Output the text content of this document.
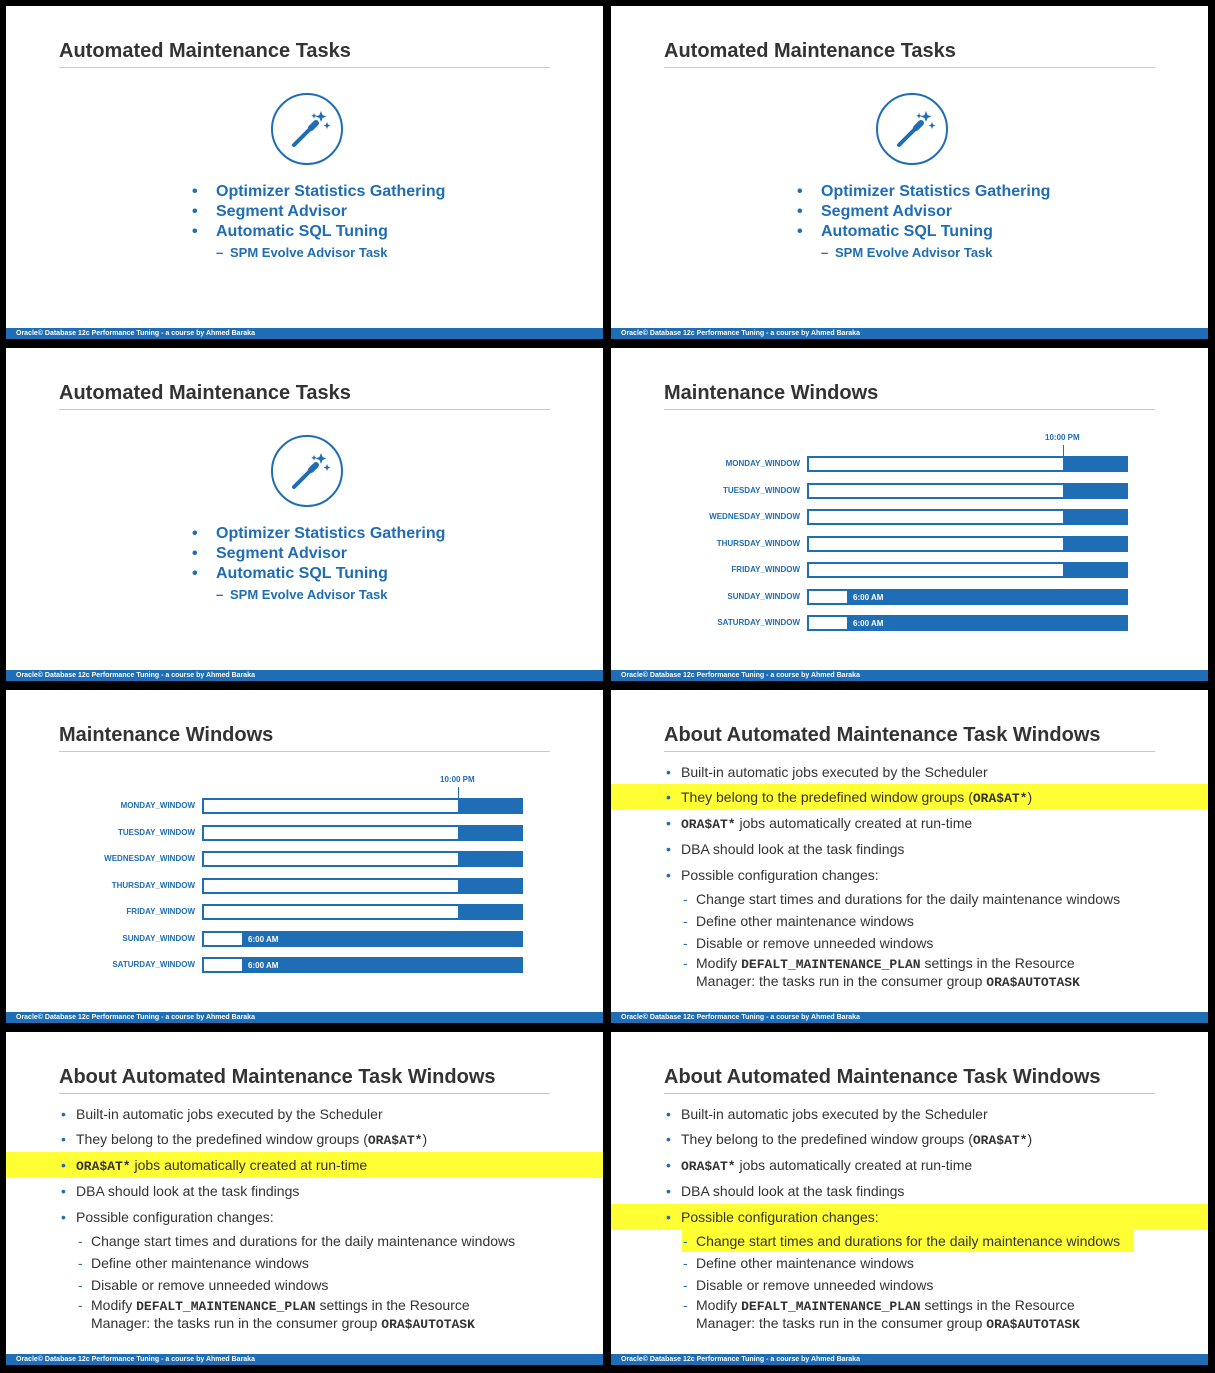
Automated Maintenance Tasks
• Optimizer Statistics Gathering
• Segment Advisor
• Automatic SQL Tuning
– SPM Evolve Advisor Task
Oracle© Database 12c Performance Tuning - a course by Ahmed Baraka
Automated Maintenance Tasks
• Optimizer Statistics Gathering
• Segment Advisor
• Automatic SQL Tuning
– SPM Evolve Advisor Task
Oracle© Database 12c Performance Tuning - a course by Ahmed Baraka
Automated Maintenance Tasks
• Optimizer Statistics Gathering
• Segment Advisor
• Automatic SQL Tuning
– SPM Evolve Advisor Task
Oracle© Database 12c Performance Tuning - a course by Ahmed Baraka
Maintenance Windows
10:00 PM
MONDAY_WINDOW
TUESDAY_WINDOW
WEDNESDAY_WINDOW
THURSDAY_WINDOW
FRIDAY_WINDOW
SUNDAY_WINDOW	6:00 AM
SATURDAY_WINDOW	6:00 AM
Oracle© Database 12c Performance Tuning - a course by Ahmed Baraka
Maintenance Windows
10:00 PM
MONDAY_WINDOW
TUESDAY_WINDOW
WEDNESDAY_WINDOW
THURSDAY_WINDOW
FRIDAY_WINDOW
SUNDAY_WINDOW	6:00 AM
SATURDAY_WINDOW	6:00 AM
Oracle© Database 12c Performance Tuning - a course by Ahmed Baraka
About Automated Maintenance Task Windows
• Built-in automatic jobs executed by the Scheduler
• They belong to the predefined window groups (ORA$AT*)
• ORA$AT* jobs automatically created at run-time
• DBA should look at the task findings
• Possible configuration changes:
- Change start times and durations for the daily maintenance windows
- Define other maintenance windows
- Disable or remove unneeded windows
- Modify DEFALT_MAINTENANCE_PLAN settings in the Resource
Manager: the tasks run in the consumer group ORA$AUTOTASK
Oracle© Database 12c Performance Tuning - a course by Ahmed Baraka
About Automated Maintenance Task Windows
• Built-in automatic jobs executed by the Scheduler
• They belong to the predefined window groups (ORA$AT*)
• ORA$AT* jobs automatically created at run-time
• DBA should look at the task findings
• Possible configuration changes:
- Change start times and durations for the daily maintenance windows
- Define other maintenance windows
- Disable or remove unneeded windows
- Modify DEFALT_MAINTENANCE_PLAN settings in the Resource
Manager: the tasks run in the consumer group ORA$AUTOTASK
Oracle© Database 12c Performance Tuning - a course by Ahmed Baraka
About Automated Maintenance Task Windows
• Built-in automatic jobs executed by the Scheduler
• They belong to the predefined window groups (ORA$AT*)
• ORA$AT* jobs automatically created at run-time
• DBA should look at the task findings
• Possible configuration changes:
- Change start times and durations for the daily maintenance windows
- Define other maintenance windows
- Disable or remove unneeded windows
- Modify DEFALT_MAINTENANCE_PLAN settings in the Resource
Manager: the tasks run in the consumer group ORA$AUTOTASK
Oracle© Database 12c Performance Tuning - a course by Ahmed Baraka
